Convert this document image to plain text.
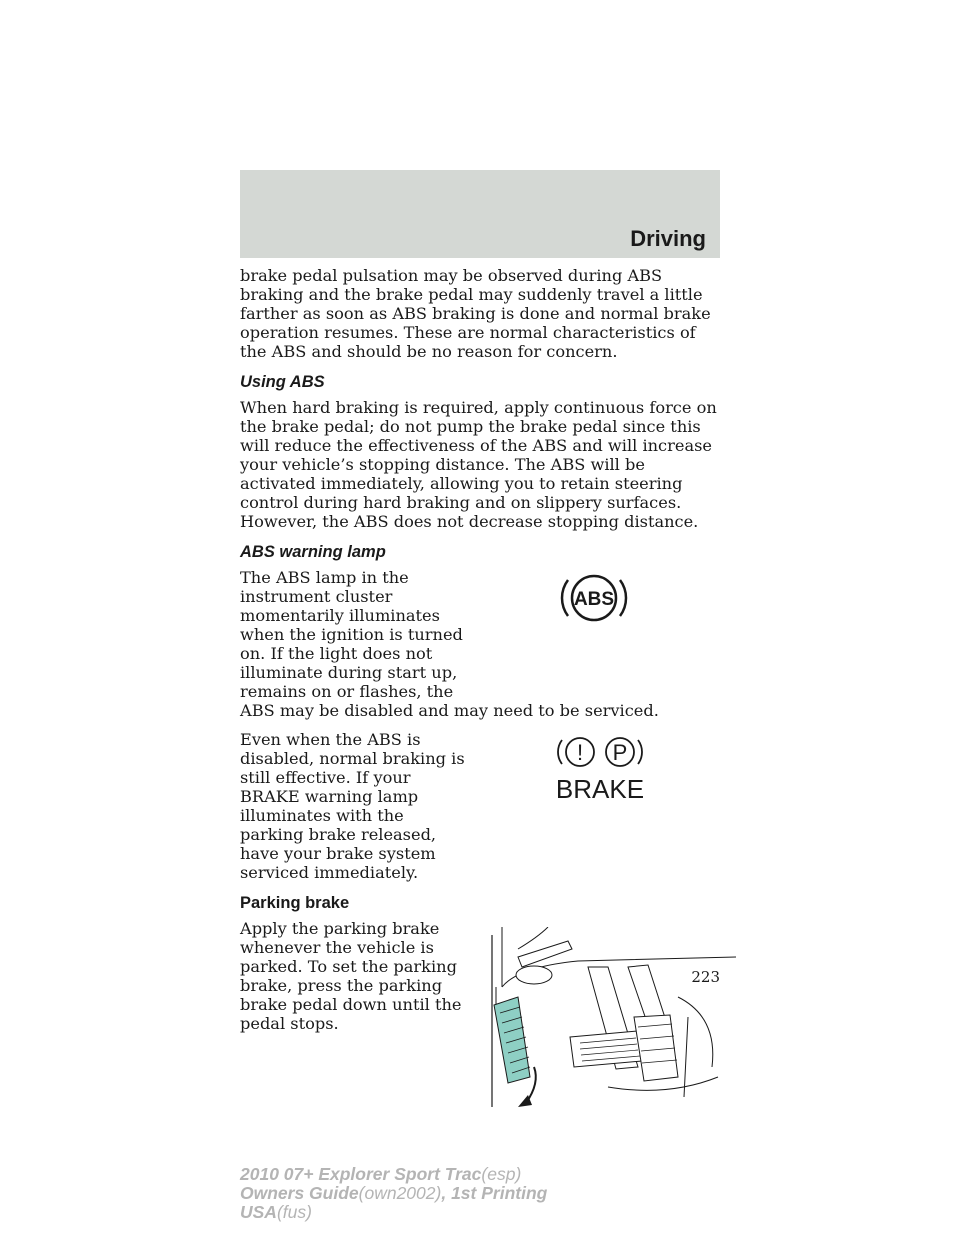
Driving

brake pedal pulsation may be observed during ABS braking and the brake pedal may suddenly travel a little farther as soon as ABS braking is done and normal brake operation resumes. These are normal characteristics of the ABS and should be no reason for concern.

Using ABS

When hard braking is required, apply continuous force on the brake pedal; do not pump the brake pedal since this will reduce the effectiveness of the ABS and will increase your vehicle’s stopping distance. The ABS will be activated immediately, allowing you to retain steering control during hard braking and on slippery surfaces. However, the ABS does not decrease stopping distance.

ABS warning lamp

ABS

The ABS lamp in the instrument cluster momentarily illuminates when the ignition is turned on. If the light does not illuminate during start up, remains on or flashes, the

ABS may be disabled and may need to be serviced.

! P
BRAKE

Even when the ABS is disabled, normal braking is still effective. If your BRAKE warning lamp illuminates with the parking brake released, have your brake system serviced immediately.

Parking brake

Apply the parking brake whenever the vehicle is parked. To set the parking brake, press the parking brake pedal down until the pedal stops.

223
2010 07+ Explorer Sport Trac(esp)
Owners Guide(own2002), 1st Printing
USA(fus)
